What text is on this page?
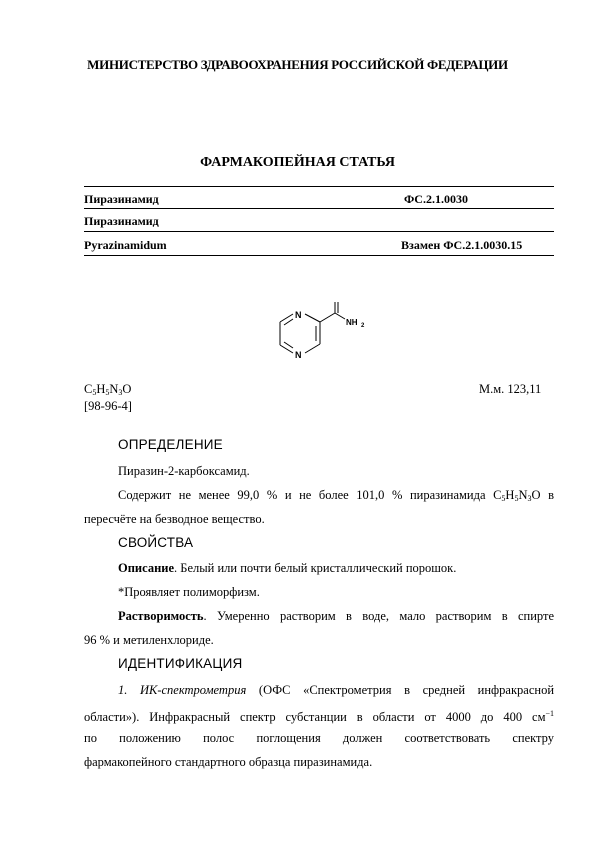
МИНИСТЕРСТВО ЗДРАВООХРАНЕНИЯ РОССИЙСКОЙ ФЕДЕРАЦИИ
ФАРМАКОПЕЙНАЯ СТАТЬЯ
Пиразинамид	ФС.2.1.0030
Пиразинамид
Pyrazinamidum	Взамен ФС.2.1.0030.15
N
N
NH 2
$C_5H_5N_3O$	М.м. 123,11
[98-96-4]
ОПРЕДЕЛЕНИЕ
Пиразин-2-карбоксамид.
Содержит не менее 99,0 % и не более 101,0 % пиразинамида $C_5H_5N_3O$ в
пересчёте на безводное вещество.
СВОЙСТВА
Описание. Белый или почти белый кристаллический порошок.
*Проявляет полиморфизм.
Растворимость. Умеренно растворим в воде, мало растворим в спирте
96 % и метиленхлориде.
ИДЕНТИФИКАЦИЯ
1. ИК-спектрометрия (ОФС «Спектрометрия в средней инфракрасной
области»). Инфракрасный спектр субстанции в области от 4000 до 400 $см^{-1}$
по положению полос поглощения должен соответствовать спектру
фармакопейного стандартного образца пиразинамида.
